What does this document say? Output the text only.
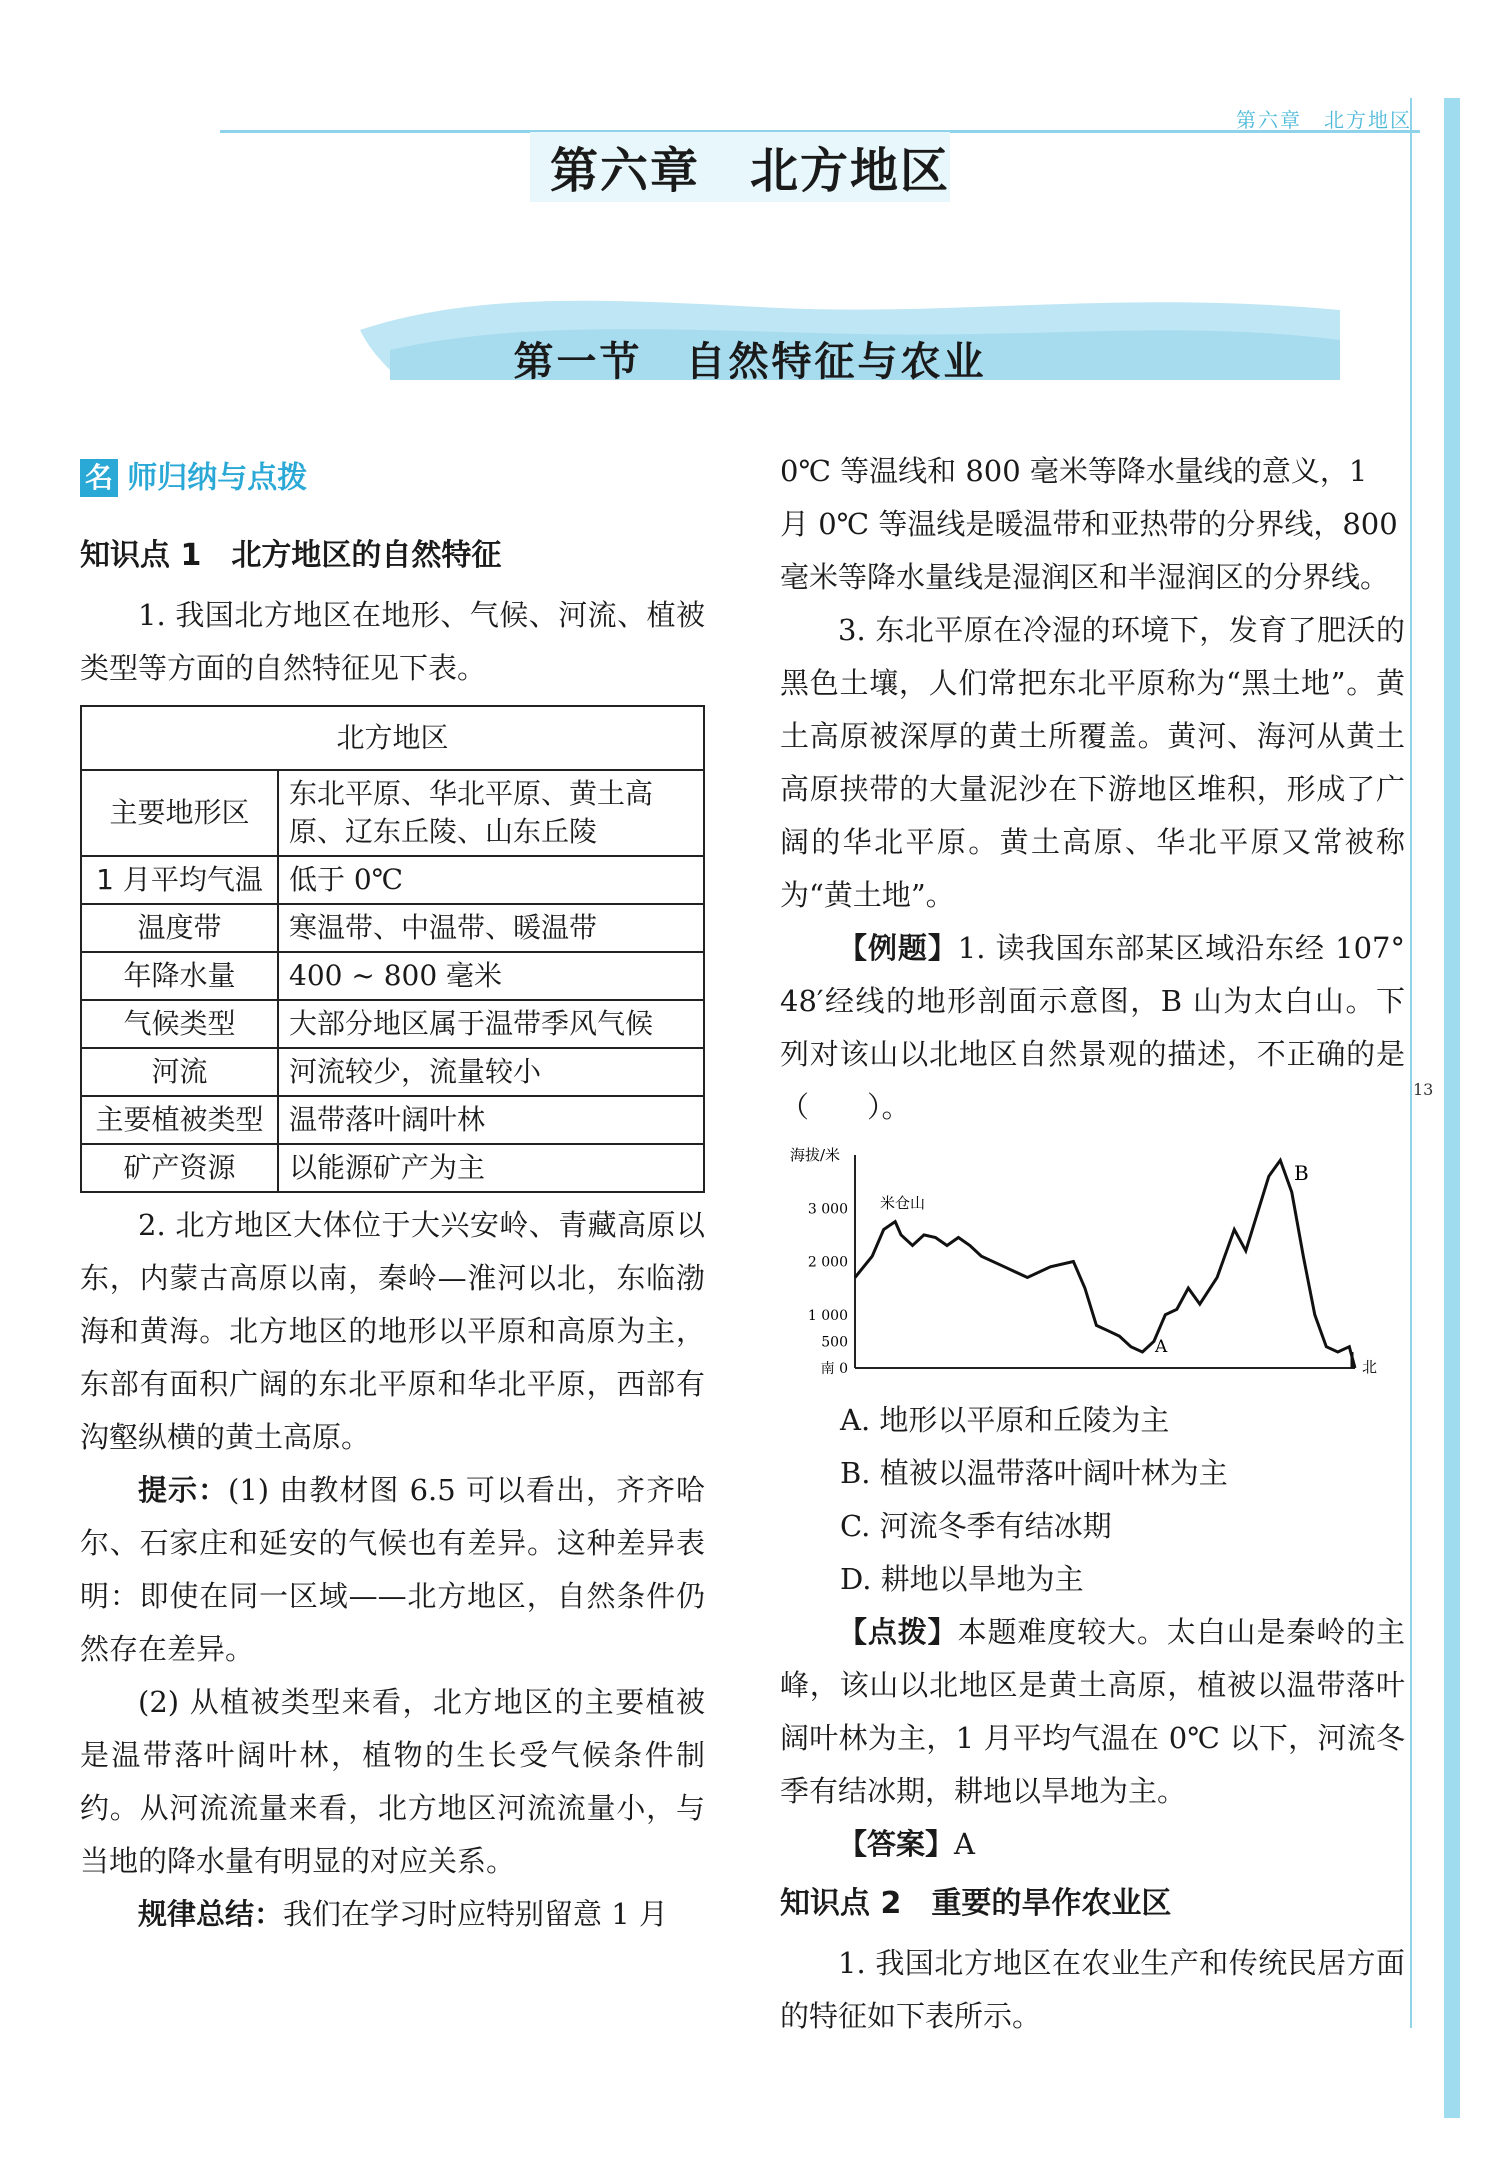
第六章　北方地区
第六章　北方地区
第一节　自然特征与农业
13
名 师归纳与点拨

知识点 1　北方地区的自然特征

1. 我国北方地区在地形、气候、河流、植被类型等方面的自然特征见下表。

北方地区	
主要地形区	东北平原、华北平原、黄土高原、辽东丘陵、山东丘陵
1 月平均气温	低于 0℃
温度带	寒温带、中温带、暖温带
年降水量	400 ~ 800 毫米
气候类型	大部分地区属于温带季风气候
河流	河流较少，流量较小
主要植被类型	温带落叶阔叶林
矿产资源	以能源矿产为主

2. 北方地区大体位于大兴安岭、青藏高原以东，内蒙古高原以南，秦岭—淮河以北，东临渤海和黄海。北方地区的地形以平原和高原为主，东部有面积广阔的东北平原和华北平原，西部有沟壑纵横的黄土高原。

提示：(1) 由教材图 6.5 可以看出，齐齐哈尔、石家庄和延安的气候也有差异。这种差异表明：即使在同一区域——北方地区，自然条件仍然存在差异。

(2) 从植被类型来看，北方地区的主要植被是温带落叶阔叶林，植物的生长受气候条件制约。从河流流量来看，北方地区河流流量小，与当地的降水量有明显的对应关系。

规律总结：我们在学习时应特别留意 1 月

0℃ 等温线和 800 毫米等降水量线的意义，1 月 0℃ 等温线是暖温带和亚热带的分界线，800 毫米等降水量线是湿润区和半湿润区的分界线。

3. 东北平原在冷湿的环境下，发育了肥沃的黑色土壤，人们常把东北平原称为“黑土地”。黄土高原被深厚的黄土所覆盖。黄河、海河从黄土高原挟带的大量泥沙在下游地区堆积，形成了广阔的华北平原。黄土高原、华北平原又常被称为“黄土地”。

【例题】1. 读我国东部某区域沿东经 107° 48′经线的地形剖面示意图，B 山为太白山。下列对该山以北地区自然景观的描述，不正确的是（　　）。

海拔/米
3 000
2 000
1 000
500
南 0
米仓山
A
B
北

A. 地形以平原和丘陵为主

B. 植被以温带落叶阔叶林为主

C. 河流冬季有结冰期

D. 耕地以旱地为主

【点拨】本题难度较大。太白山是秦岭的主峰，该山以北地区是黄土高原，植被以温带落叶阔叶林为主，1 月平均气温在 0℃ 以下，河流冬季有结冰期，耕地以旱地为主。

【答案】A

知识点 2　重要的旱作农业区

1. 我国北方地区在农业生产和传统民居方面的特征如下表所示。
